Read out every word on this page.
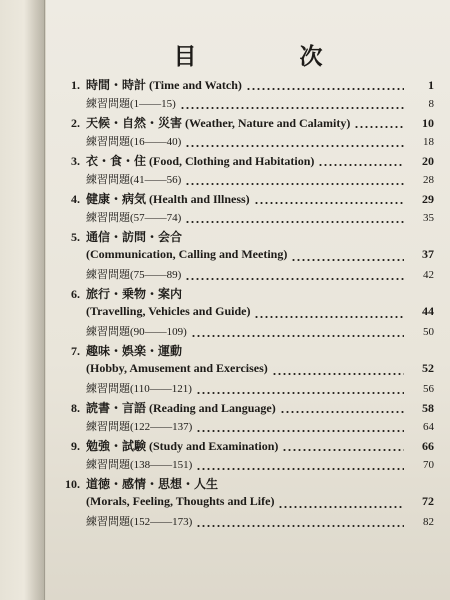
目　次
1. 時間・時計 (Time and Watch)	1
練習問題(1――15)	8
2. 天候・自然・災害 (Weather, Nature and Calamity)	10
練習問題(16――40)	18
3. 衣・食・住 (Food, Clothing and Habitation)	20
練習問題(41――56)	28
4. 健康・病気 (Health and Illness)	29
練習問題(57――74)	35
5. 通信・訪問・会合
(Communication, Calling and Meeting)	37
練習問題(75――89)	42
6. 旅行・乗物・案内
(Travelling, Vehicles and Guide)	44
練習問題(90――109)	50
7. 趣味・娯楽・運動
(Hobby, Amusement and Exercises)	52
練習問題(110――121)	56
8. 読書・言語 (Reading and Language)	58
練習問題(122――137)	64
9. 勉強・試験 (Study and Examination)	66
練習問題(138――151)	70
10. 道徳・感情・思想・人生
(Morals, Feeling, Thoughts and Life)	72
練習問題(152――173)	82
